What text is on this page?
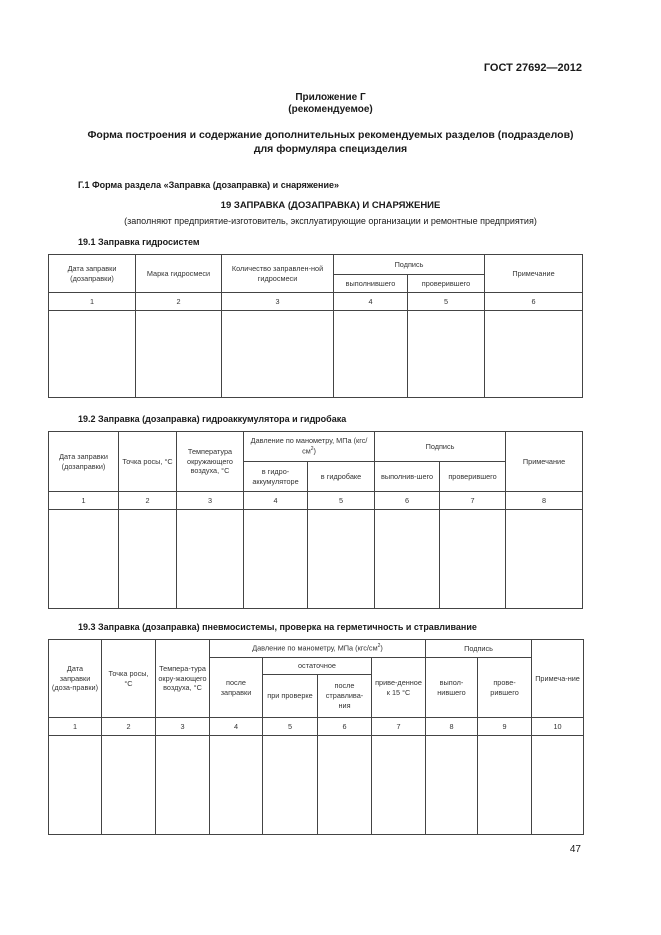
ГОСТ 27692—2012
Приложение Г
(рекомендуемое)
Форма построения и содержание дополнительных рекомендуемых разделов (подразделов)
для формуляра специзделия
Г.1 Форма раздела «Заправка (дозаправка) и снаряжение»
19 ЗАПРАВКА (ДОЗАПРАВКА) И СНАРЯЖЕНИЕ
(заполняют предприятие-изготовитель, эксплуатирующие организации и ремонтные предприятия)
19.1 Заправка гидросистем
Дата заправки (дозаправки)	Марка гидросмеси	Количество заправлен-ной гидросмеси	Подпись		Примечание
			выполнившего	проверившего	
1	2	3	4	5	6

19.2 Заправка (дозаправка) гидроаккумулятора и гидробака
Дата заправки (дозаправки)	Точка росы, °С	Температура окружающего воздуха, °С	Давление по манометру, МПа $(кгс/см^2)$		Подпись		Примечание
			в гидро-аккумуляторе	в гидробаке	выполнив-шего	проверившего	
1	2	3	4	5	6	7	8

19.3 Заправка (дозаправка) пневмосистемы, проверка на герметичность и стравливание
Дата заправки (доза-правки)	Точка росы, °С	Темпера-тура окру-жающего воздуха, °С	Давление по манометру, МПа $(кгс/см^2)$				Подпись		Примеча-ние
			после заправки	остаточное		приве-денное к 15 °С	выпол-нившего	прове-рившего	
				при проверке	после стравлива-ния				
1	2	3	4	5	6	7	8	9	10

47
